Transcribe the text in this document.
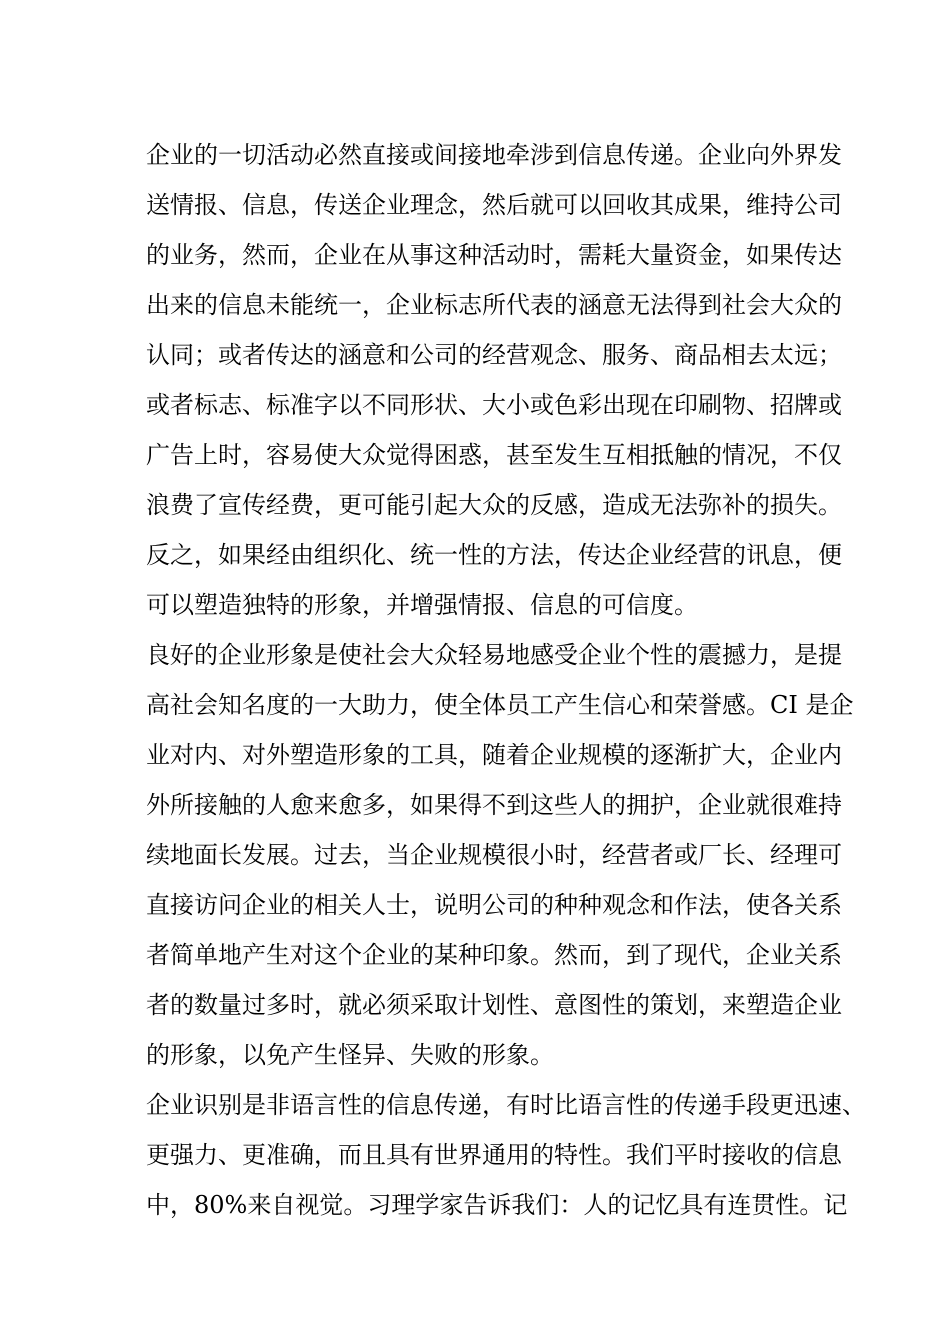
企业的一切活动必然直接或间接地牵涉到信息传递。企业向外界发
送情报、信息，传送企业理念，然后就可以回收其成果，维持公司
的业务，然而，企业在从事这种活动时，需耗大量资金，如果传达
出来的信息未能统一，企业标志所代表的涵意无法得到社会大众的
认同；或者传达的涵意和公司的经营观念、服务、商品相去太远；
或者标志、标准字以不同形状、大小或色彩出现在印刷物、招牌或
广告上时，容易使大众觉得困惑，甚至发生互相抵触的情况，不仅
浪费了宣传经费，更可能引起大众的反感，造成无法弥补的损失。
反之，如果经由组织化、统一性的方法，传达企业经营的讯息，便
可以塑造独特的形象，并增强情报、信息的可信度。
良好的企业形象是使社会大众轻易地感受企业个性的震撼力，是提
高社会知名度的一大助力，使全体员工产生信心和荣誉感。CI 是企
业对内、对外塑造形象的工具，随着企业规模的逐渐扩大，企业内
外所接触的人愈来愈多，如果得不到这些人的拥护，企业就很难持
续地面长发展。过去，当企业规模很小时，经营者或厂长、经理可
直接访问企业的相关人士，说明公司的种种观念和作法，使各关系
者简单地产生对这个企业的某种印象。然而，到了现代，企业关系
者的数量过多时，就必须采取计划性、意图性的策划，来塑造企业
的形象，以免产生怪异、失败的形象。
企业识别是非语言性的信息传递，有时比语言性的传递手段更迅速、
更强力、更准确，而且具有世界通用的特性。我们平时接收的信息
中，80%来自视觉。习理学家告诉我们：人的记忆具有连贯性。记
